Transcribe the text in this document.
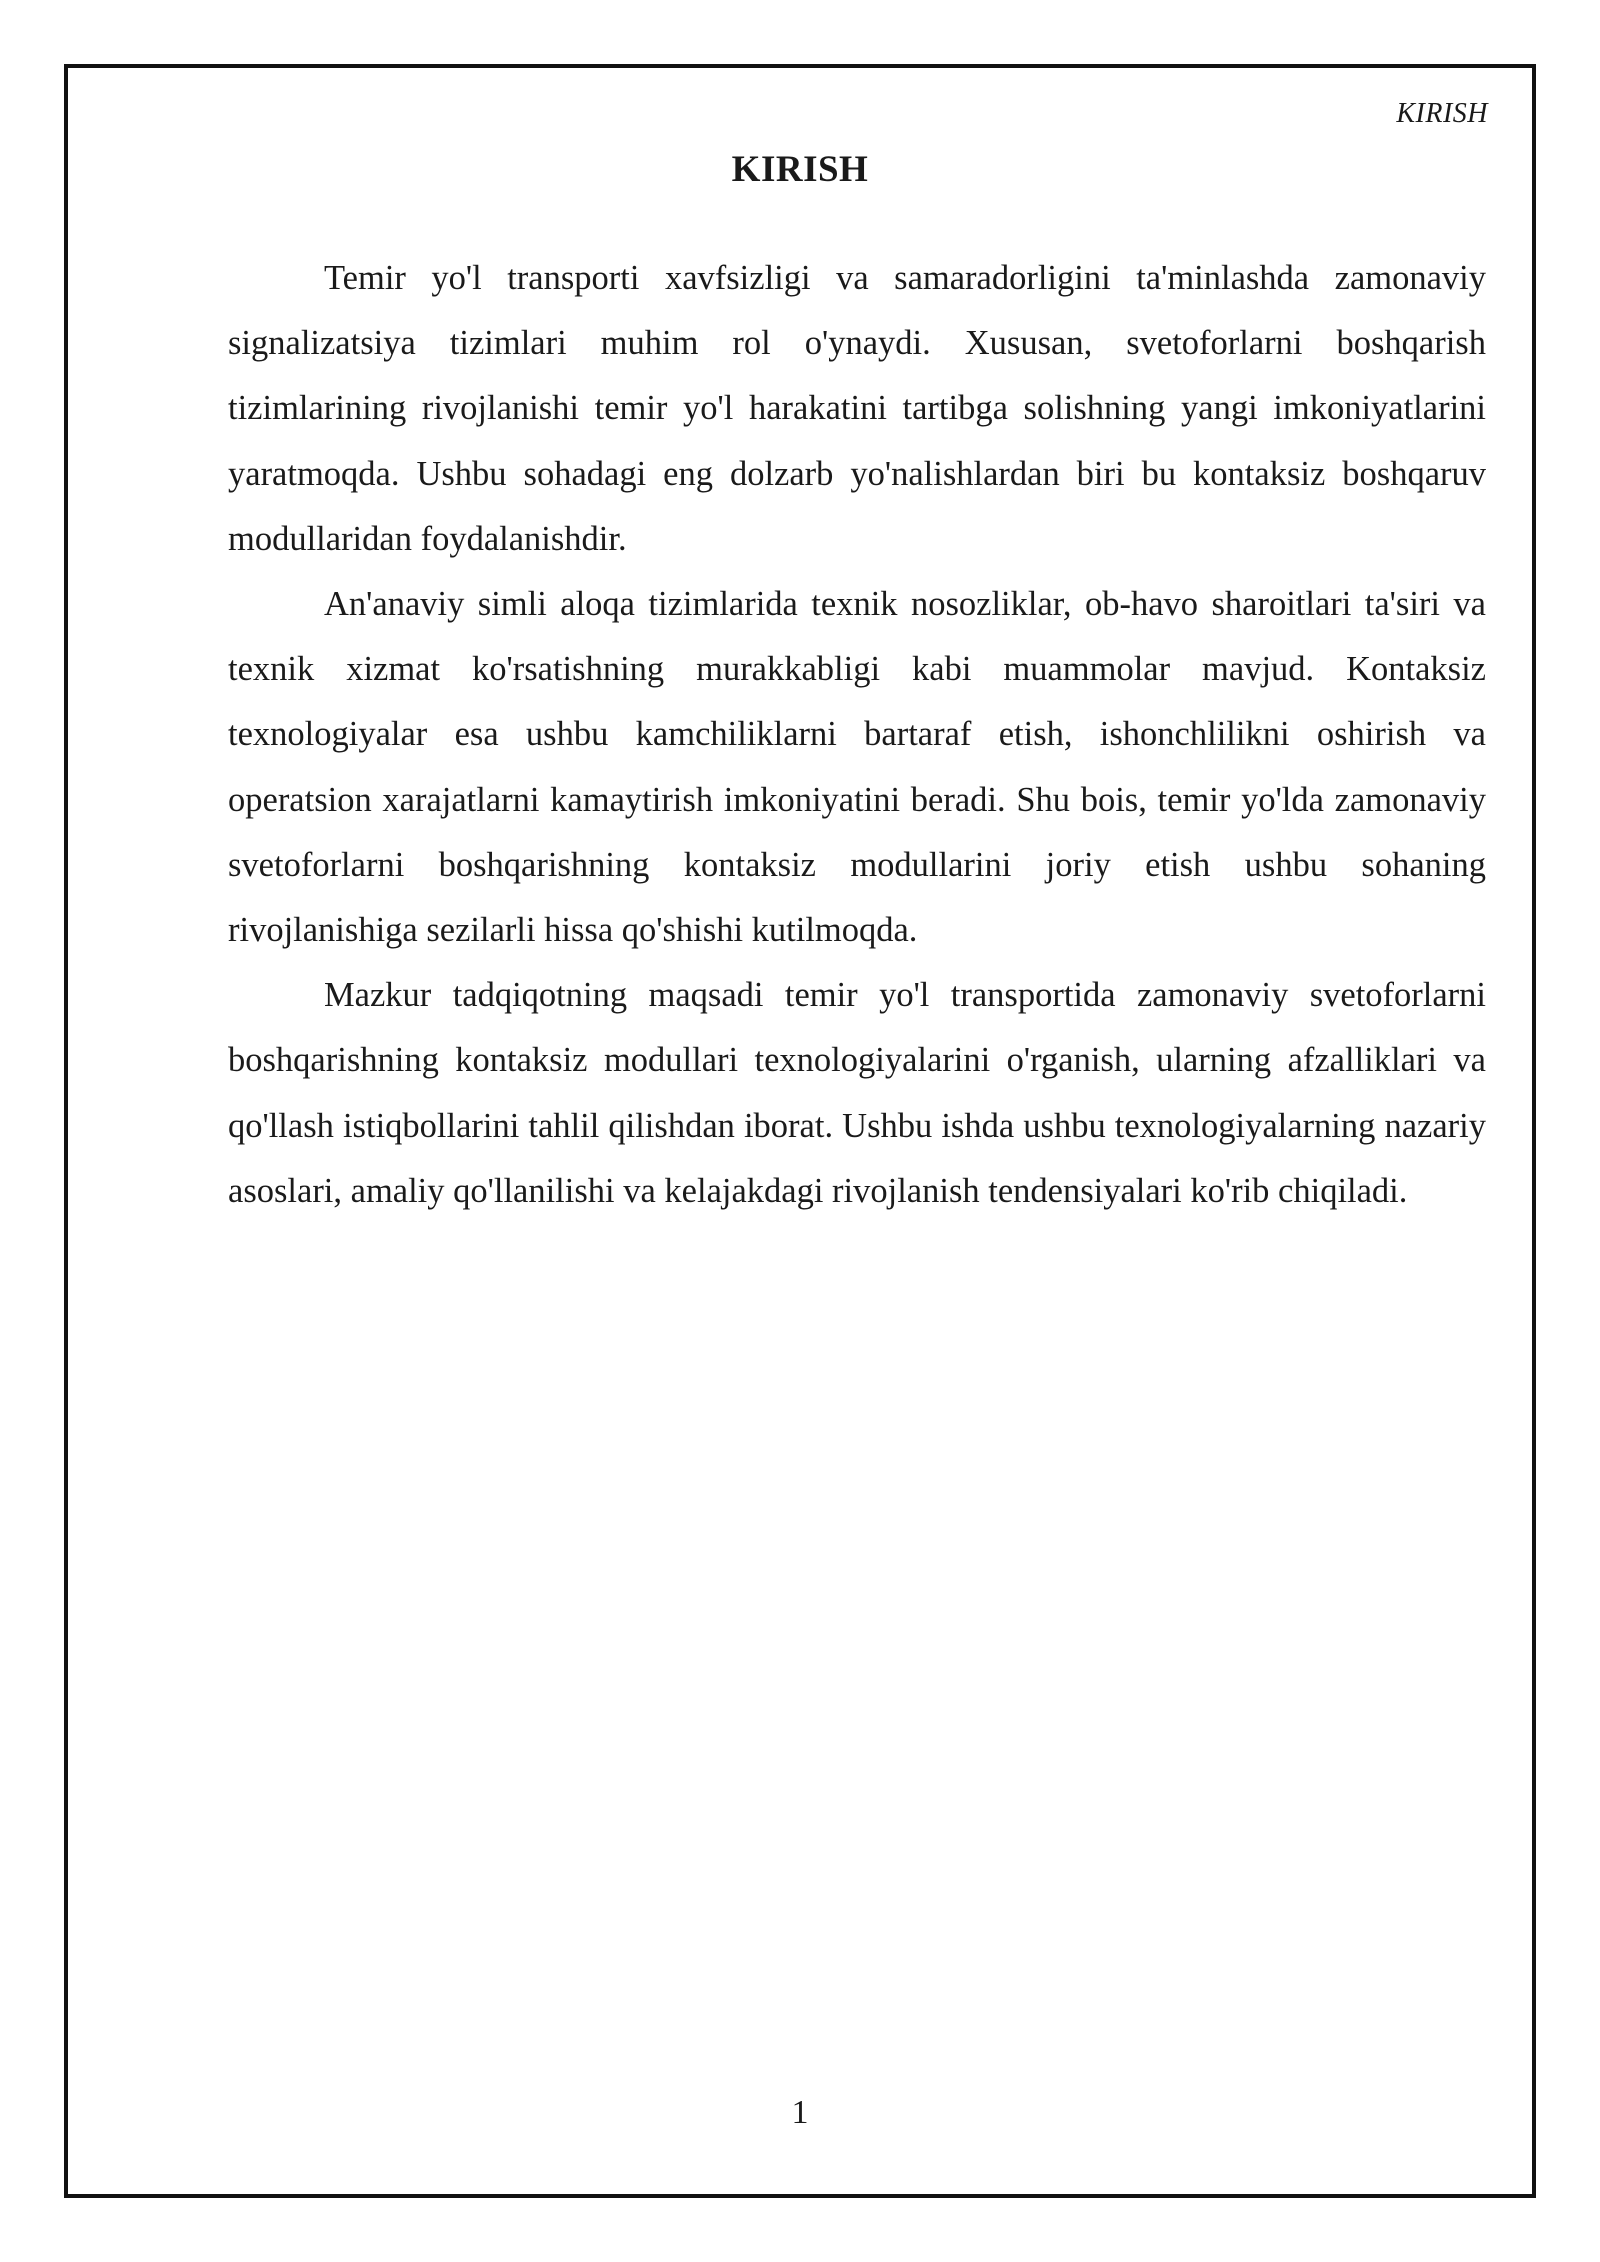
KIRISH
KIRISH

Temir yo'l transporti xavfsizligi va samaradorligini ta'minlashda zamonaviy signalizatsiya tizimlari muhim rol o'ynaydi. Xususan, svetoforlarni boshqarish tizimlarining rivojlanishi temir yo'l harakatini tartibga solishning yangi imkoniyatlarini yaratmoqda. Ushbu sohadagi eng dolzarb yo'nalishlardan biri bu kontaksiz boshqaruv modullaridan foydalanishdir.

An'anaviy simli aloqa tizimlarida texnik nosozliklar, ob-havo sharoitlari ta'siri va texnik xizmat ko'rsatishning murakkabligi kabi muammolar mavjud. Kontaksiz texnologiyalar esa ushbu kamchiliklarni bartaraf etish, ishonchlilikni oshirish va operatsion xarajatlarni kamaytirish imkoniyatini beradi. Shu bois, temir yo'lda zamonaviy svetoforlarni boshqarishning kontaksiz modullarini joriy etish ushbu sohaning rivojlanishiga sezilarli hissa qo'shishi kutilmoqda.

Mazkur tadqiqotning maqsadi temir yo'l transportida zamonaviy svetoforlarni boshqarishning kontaksiz modullari texnologiyalarini o'rganish, ularning afzalliklari va qo'llash istiqbollarini tahlil qilishdan iborat. Ushbu ishda ushbu texnologiyalarning nazariy asoslari, amaliy qo'llanilishi va kelajakdagi rivojlanish tendensiyalari ko'rib chiqiladi.

1
